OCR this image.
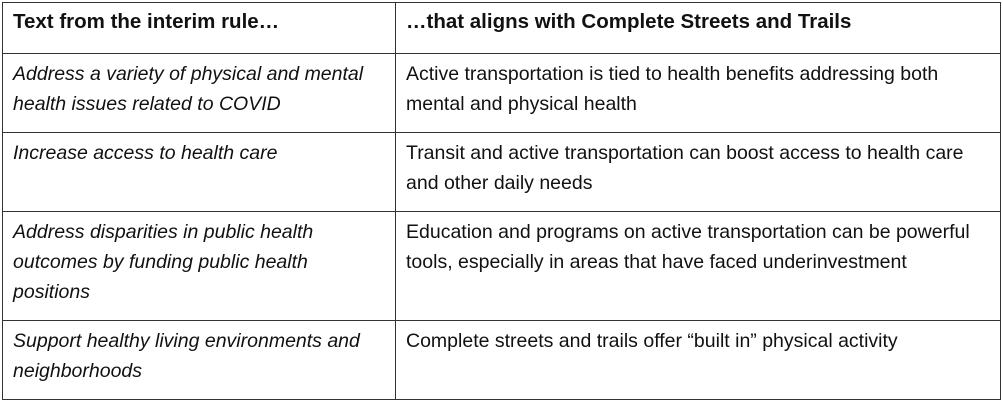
Text from the interim rule…	…that aligns with Complete Streets and Trails
Address a variety of physical and mental health issues related to COVID	Active transportation is tied to health benefits addressing both mental and physical health
Increase access to health care	Transit and active transportation can boost access to health care and other daily needs
Address disparities in public health outcomes by funding public health positions	Education and programs on active transportation can be powerful tools, especially in areas that have faced underinvestment
Support healthy living environments and neighborhoods	Complete streets and trails offer “built in” physical activity
